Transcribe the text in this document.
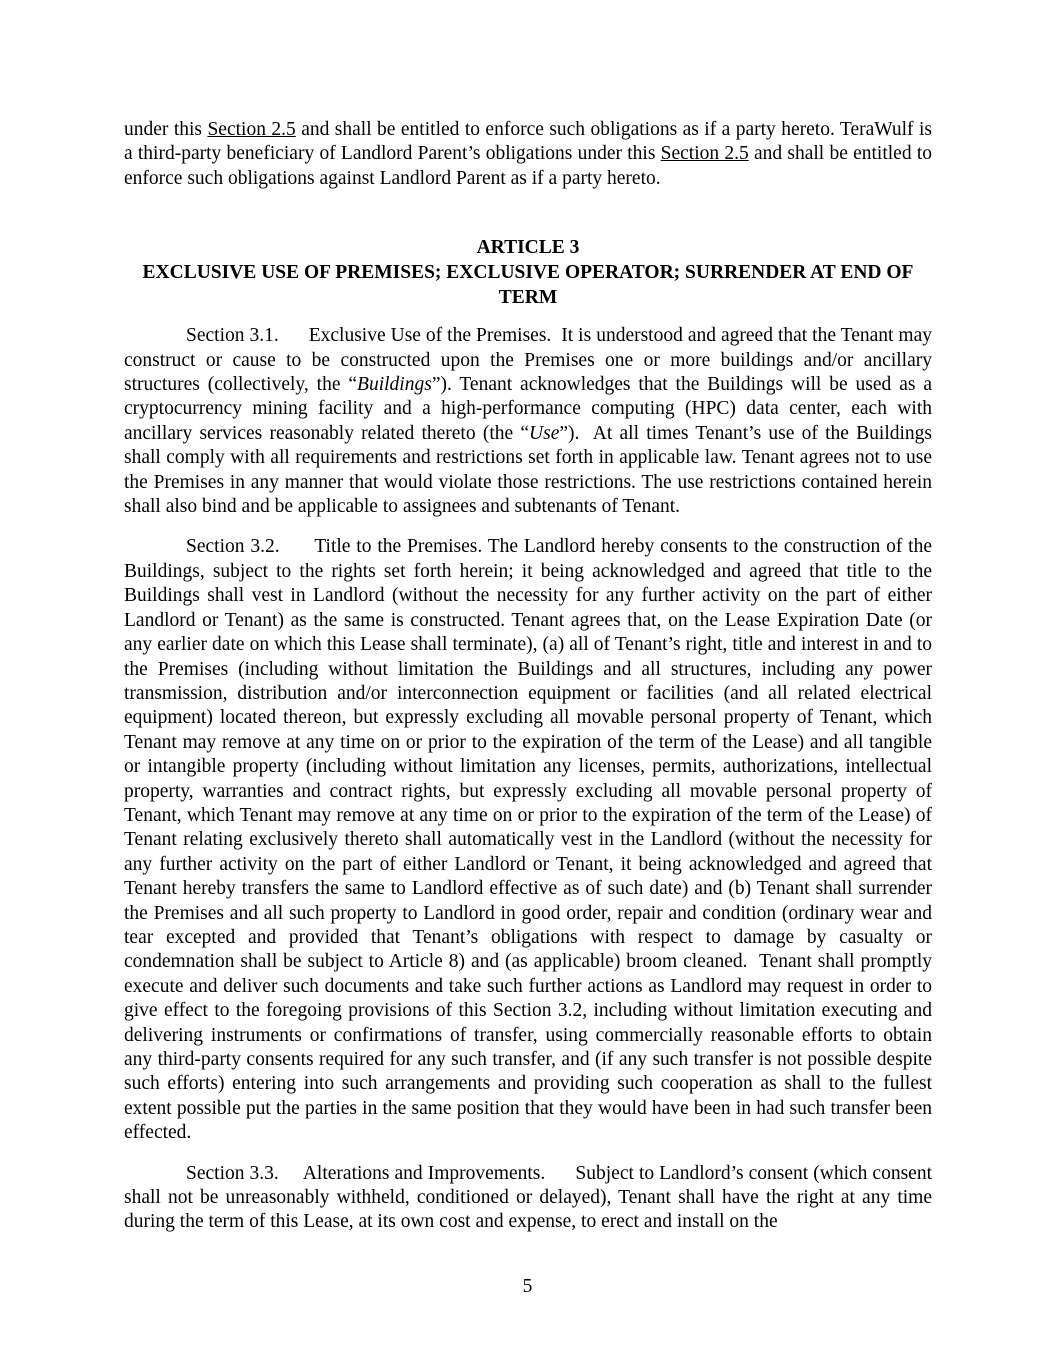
under this Section 2.5 and shall be entitled to enforce such obligations as if a party hereto. TeraWulf is a third-party beneficiary of Landlord Parent’s obligations under this Section 2.5 and shall be entitled to enforce such obligations against Landlord Parent as if a party hereto.

ARTICLE 3
EXCLUSIVE USE OF PREMISES; EXCLUSIVE OPERATOR; SURRENDER AT END OF TERM

Section 3.1.      Exclusive Use of the Premises.  It is understood and agreed that the Tenant may construct or cause to be constructed upon the Premises one or more buildings and/or ancillary structures (collectively, the “Buildings”). Tenant acknowledges that the Buildings will be used as a cryptocurrency mining facility and a high-performance computing (HPC) data center, each with ancillary services reasonably related thereto (the “Use”).  At all times Tenant’s use of the Buildings shall comply with all requirements and restrictions set forth in applicable law. Tenant agrees not to use the Premises in any manner that would violate those restrictions. The use restrictions contained herein shall also bind and be applicable to assignees and subtenants of Tenant.

Section 3.2.      Title to the Premises. The Landlord hereby consents to the construction of the Buildings, subject to the rights set forth herein; it being acknowledged and agreed that title to the Buildings shall vest in Landlord (without the necessity for any further activity on the part of either Landlord or Tenant) as the same is constructed. Tenant agrees that, on the Lease Expiration Date (or any earlier date on which this Lease shall terminate), (a) all of Tenant’s right, title and interest in and to the Premises (including without limitation the Buildings and all structures, including any power transmission, distribution and/or interconnection equipment or facilities (and all related electrical equipment) located thereon, but expressly excluding all movable personal property of Tenant, which Tenant may remove at any time on or prior to the expiration of the term of the Lease) and all tangible or intangible property (including without limitation any licenses, permits, authorizations, intellectual property, warranties and contract rights, but expressly excluding all movable personal property of Tenant, which Tenant may remove at any time on or prior to the expiration of the term of the Lease) of Tenant relating exclusively thereto shall automatically vest in the Landlord (without the necessity for any further activity on the part of either Landlord or Tenant, it being acknowledged and agreed that Tenant hereby transfers the same to Landlord effective as of such date) and (b) Tenant shall surrender the Premises and all such property to Landlord in good order, repair and condition (ordinary wear and tear excepted and provided that Tenant’s obligations with respect to damage by casualty or condemnation shall be subject to Article 8) and (as applicable) broom cleaned.  Tenant shall promptly execute and deliver such documents and take such further actions as Landlord may request in order to give effect to the foregoing provisions of this Section 3.2, including without limitation executing and delivering instruments or confirmations of transfer, using commercially reasonable efforts to obtain any third-party consents required for any such transfer, and (if any such transfer is not possible despite such efforts) entering into such arrangements and providing such cooperation as shall to the fullest extent possible put the parties in the same position that they would have been in had such transfer been effected.

Section 3.3.     Alterations and Improvements.      Subject to Landlord’s consent (which consent shall not be unreasonably withheld, conditioned or delayed), Tenant shall have the right at any time during the term of this Lease, at its own cost and expense, to erect and install on the

5
